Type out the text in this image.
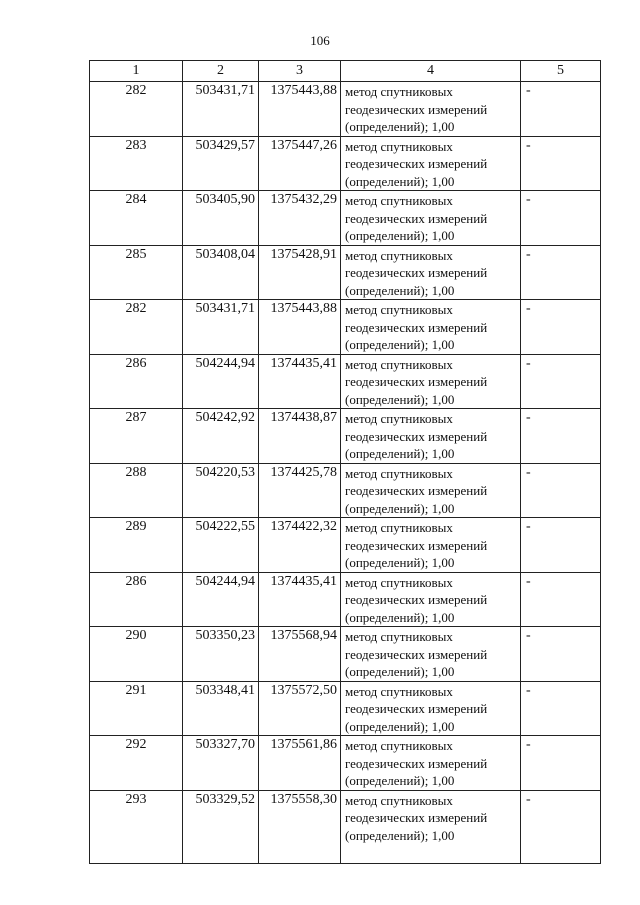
106
1	2	3	4	5
282	503431,71	1375443,88	метод спутниковых геодезических измерений (определений); 1,00	-
283	503429,57	1375447,26	метод спутниковых геодезических измерений (определений); 1,00	-
284	503405,90	1375432,29	метод спутниковых геодезических измерений (определений); 1,00	-
285	503408,04	1375428,91	метод спутниковых геодезических измерений (определений); 1,00	-
282	503431,71	1375443,88	метод спутниковых геодезических измерений (определений); 1,00	-
286	504244,94	1374435,41	метод спутниковых геодезических измерений (определений); 1,00	-
287	504242,92	1374438,87	метод спутниковых геодезических измерений (определений); 1,00	-
288	504220,53	1374425,78	метод спутниковых геодезических измерений (определений); 1,00	-
289	504222,55	1374422,32	метод спутниковых геодезических измерений (определений); 1,00	-
286	504244,94	1374435,41	метод спутниковых геодезических измерений (определений); 1,00	-
290	503350,23	1375568,94	метод спутниковых геодезических измерений (определений); 1,00	-
291	503348,41	1375572,50	метод спутниковых геодезических измерений (определений); 1,00	-
292	503327,70	1375561,86	метод спутниковых геодезических измерений (определений); 1,00	-
293	503329,52	1375558,30	метод спутниковых геодезических измерений (определений); 1,00	-
